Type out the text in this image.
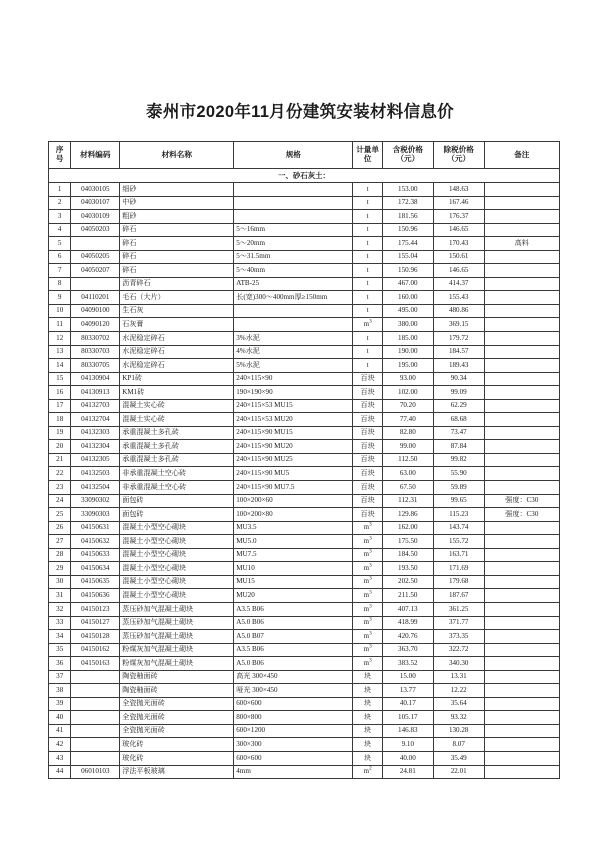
泰州市2020年11月份建筑安装材料信息价
序
号	材料编码	材料名称	规格	计量单
位	含税价格
（元）	除税价格
（元）	备注
一、砂石灰土：							
1	04030105	细砂		t	153.00	148.63	
2	04030107	中砂		t	172.38	167.46	
3	04030109	粗砂		t	181.56	176.37	
4	04050203	碎石	5～16mm	t	150.96	146.65	
5		碎石	5～20mm	t	175.44	170.43	高料
6	04050205	碎石	5～31.5mm	t	155.04	150.61	
7	04050207	碎石	5～40mm	t	150.96	146.65	
8		沥青碎石	ATB-25	t	467.00	414.37	
9	04110201	毛石（大片）	长(宽)300～400mm厚≥150mm	t	160.00	155.43	
10	04090100	生石灰		t	495.00	480.86	
11	04090120	石灰膏		$m^3$	380.00	369.15	
12	80330702	水泥稳定碎石	3%水泥	t	185.00	179.72	
13	80330703	水泥稳定碎石	4%水泥	t	190.00	184.57	
14	80330705	水泥稳定碎石	5%水泥	t	195.00	189.43	
15	04130904	KP1砖	240×115×90	百块	93.00	90.34	
16	04130913	KM1砖	190×190×90	百块	102.00	99.09	
17	04132703	混凝土实心砖	240×115×53 MU15	百块	70.20	62.29	
18	04132704	混凝土实心砖	240×115×53 MU20	百块	77.40	68.68	
19	04132303	承重混凝土多孔砖	240×115×90 MU15	百块	82.80	73.47	
20	04132304	承重混凝土多孔砖	240×115×90 MU20	百块	99.00	87.84	
21	04132305	承重混凝土多孔砖	240×115×90 MU25	百块	112.50	99.82	
22	04132503	非承重混凝土空心砖	240×115×90 MU5	百块	63.00	55.90	
23	04132504	非承重混凝土空心砖	240×115×90 MU7.5	百块	67.50	59.89	
24	33090302	面包砖	100×200×60	百块	112.31	99.65	强度：C30
25	33090303	面包砖	100×200×80	百块	129.86	115.23	强度：C30
26	04150631	混凝土小型空心砌块	MU3.5	$m^3$	162.00	143.74	
27	04150632	混凝土小型空心砌块	MU5.0	$m^3$	175.50	155.72	
28	04150633	混凝土小型空心砌块	MU7.5	$m^3$	184.50	163.71	
29	04150634	混凝土小型空心砌块	MU10	$m^3$	193.50	171.69	
30	04150635	混凝土小型空心砌块	MU15	$m^3$	202.50	179.68	
31	04150636	混凝土小型空心砌块	MU20	$m^3$	211.50	187.67	
32	04150123	蒸压砂加气混凝土砌块	A3.5 B06	$m^3$	407.13	361.25	
33	04150127	蒸压砂加气混凝土砌块	A5.0 B06	$m^3$	418.99	371.77	
34	04150128	蒸压砂加气混凝土砌块	A5.0 B07	$m^3$	420.76	373.35	
35	04150162	粉煤灰加气混凝土砌块	A3.5 B06	$m^3$	363.70	322.72	
36	04150163	粉煤灰加气混凝土砌块	A5.0 B06	$m^3$	383.52	340.30	
37		陶瓷釉面砖	高光 300×450	块	15.00	13.31	
38		陶瓷釉面砖	哑光 300×450	块	13.77	12.22	
39		全瓷抛光面砖	600×600	块	40.17	35.64	
40		全瓷抛光面砖	800×800	块	105.17	93.32	
41		全瓷抛光面砖	600×1200	块	146.83	130.28	
42		玻化砖	300×300	块	9.10	8.07	
43		玻化砖	600×600	块	40.00	35.49	
44	06010103	浮法平板玻璃	4mm	$m^2$	24.81	22.01	
